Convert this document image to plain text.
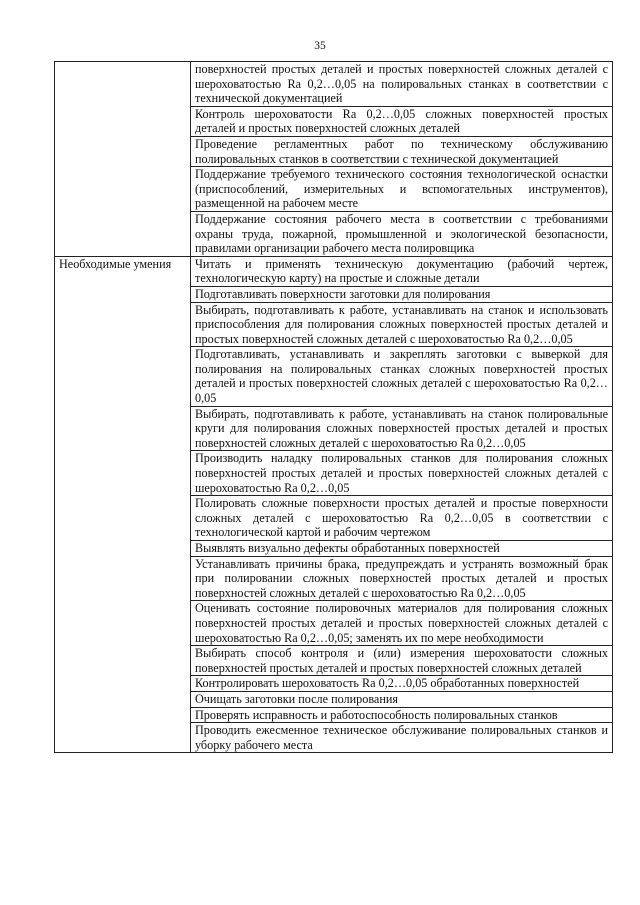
35

	поверхностей простых деталей и простых поверхностей сложных деталей с шероховатостью Ra 0,2…0,05 на полировальных станках в соответствии с технической документацией

	Контроль шероховатости Ra 0,2…0,05 сложных поверхностей простых деталей и простых поверхностей сложных деталей

	Проведение регламентных работ по техническому обслуживанию полировальных станков в соответствии с технической документацией

	Поддержание требуемого технического состояния технологической оснастки (приспособлений, измерительных и вспомогательных инструментов), размещенной на рабочем месте

	Поддержание состояния рабочего места в соответствии с требованиями охраны труда, пожарной, промышленной и экологической безопасности, правилами организации рабочего места полировщика

Необходимые умения	Читать и применять техническую документацию (рабочий чертеж, технологическую карту) на простые и сложные детали

	Подготавливать поверхности заготовки для полирования

	Выбирать, подготавливать к работе, устанавливать на станок и использовать приспособления для полирования сложных поверхностей простых деталей и простых поверхностей сложных деталей с шероховатостью Ra 0,2…0,05

	Подготавливать, устанавливать и закреплять заготовки с выверкой для полирования на полировальных станках сложных поверхностей простых деталей и простых поверхностей сложных деталей с шероховатостью Ra 0,2…0,05

	Выбирать, подготавливать к работе, устанавливать на станок полировальные круги для полирования сложных поверхностей простых деталей и простых поверхностей сложных деталей с шероховатостью Ra 0,2…0,05

	Производить наладку полировальных станков для полирования сложных поверхностей простых деталей и простых поверхностей сложных деталей с шероховатостью Ra 0,2…0,05

	Полировать сложные поверхности простых деталей и простые поверхности сложных деталей с шероховатостью Ra 0,2…0,05 в соответствии с технологической картой и рабочим чертежом

	Выявлять визуально дефекты обработанных поверхностей

	Устанавливать причины брака, предупреждать и устранять возможный брак при полировании сложных поверхностей простых деталей и простых поверхностей сложных деталей с шероховатостью Ra 0,2…0,05

	Оценивать состояние полировочных материалов для полирования сложных поверхностей простых деталей и простых поверхностей сложных деталей с шероховатостью Ra 0,2…0,05; заменять их по мере необходимости

	Выбирать способ контроля и (или) измерения шероховатости сложных поверхностей простых деталей и простых поверхностей сложных деталей

	Контролировать шероховатость Ra 0,2…0,05 обработанных поверхностей

	Очищать заготовки после полирования

	Проверять исправность и работоспособность полировальных станков

	Проводить ежесменное техническое обслуживание полировальных станков и уборку рабочего места
